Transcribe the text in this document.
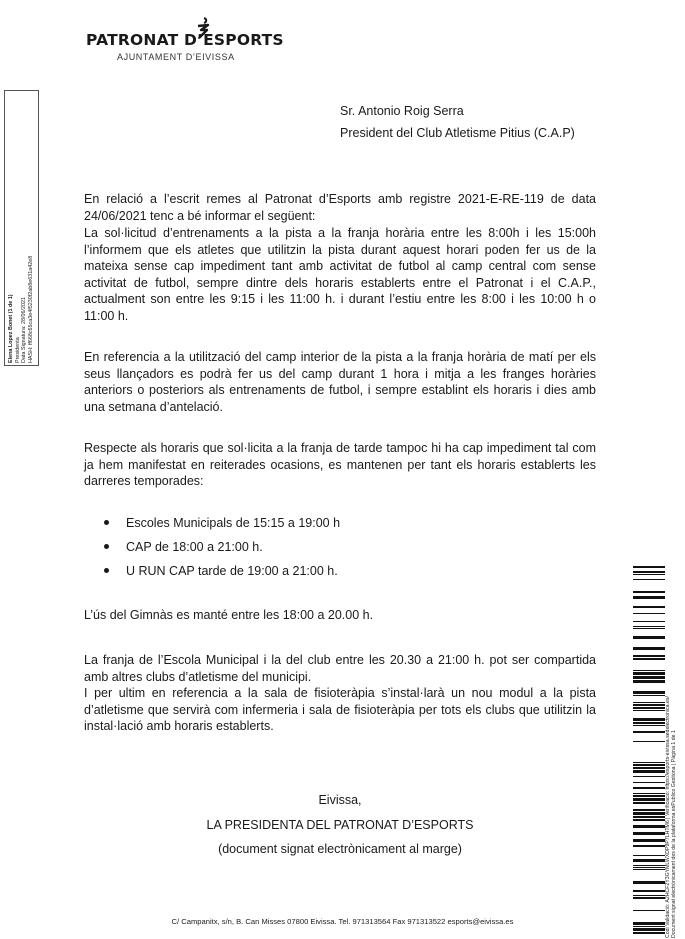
PATRONAT D’ESPORTS
AJUNTAMENT D’EIVISSA
Elena Lopez Bonet (1 de 1) Presidenta Data Signatura: 28/06/2021 HASH: ff668c65ca3e4f5230f2ab8e631a42e8
Sr. Antonio Roig Serra
President del Club Atletisme Pitius (C.A.P)

En relació a l’escrit remes al Patronat d’Esports amb registre 2021-E-RE-119 de data 24/06/2021 tenc a bé informar el següent:

La sol·licitud d’entrenaments a la pista a la franja horària entre les 8:00h i les 15:00h l’informem que els atletes que utilitzin la pista durant aquest horari poden fer us de la mateixa sense cap impediment tant amb activitat de futbol al camp central com sense activitat de futbol, sempre dintre dels horaris establerts entre el Patronat i el C.A.P., actualment son entre les 9:15 i les 11:00 h. i durant l’estiu entre les 8:00 i les 10:00 h o 11:00 h.

En referencia a la utilització del camp interior de la pista a la franja horària de matí per els seus llançadors es podrà fer us del camp durant 1 hora i mitja a les franges horàries anteriors o posteriors als entrenaments de futbol, i sempre establint els horaris i dies amb una setmana d’antelació.

Respecte als horaris que sol·licita a la franja de tarde tampoc hi ha cap impediment tal com ja hem manifestat en reiterades ocasions, es mantenen per tant els horaris establerts les darreres temporades:

Escoles Municipals de 15:15 a 19:00 h
CAP de 18:00 a 21:00 h.
U RUN CAP tarde de 19:00 a 21:00 h.

L’ús del Gimnàs es manté entre les 18:00 a 20.00 h.

La franja de l’Escola Municipal i la del club entre les 20.30 a 21:00 h. pot ser compartida amb altres clubs d’atletisme del municipi.

I per ultim en referencia a la sala de fisioteràpia s’instal·larà un nou modul a la pista d’atletisme que servirà com infermeria i sala de fisioteràpia per tots els clubs que utilitzin la instal·lació amb horaris establerts.

Eivissa,
LA PRESIDENTA DEL PATRONAT D’ESPORTS
(document signat electrònicament al marge)
C/ Campanitx, s/n, B. Can Misses 07800 Eivissa. Tel. 971313564 Fax 971313522 esports@eivissa.es	Codi Validació: A2HCF2Y3GYMLWXDP9P7LHTM6 | Verificació: https://esports-eivissa.sedelectronica.es/ Document signat electrònicament des de la plataforma esPublico Gestiona | Pàgina 1 de 1
